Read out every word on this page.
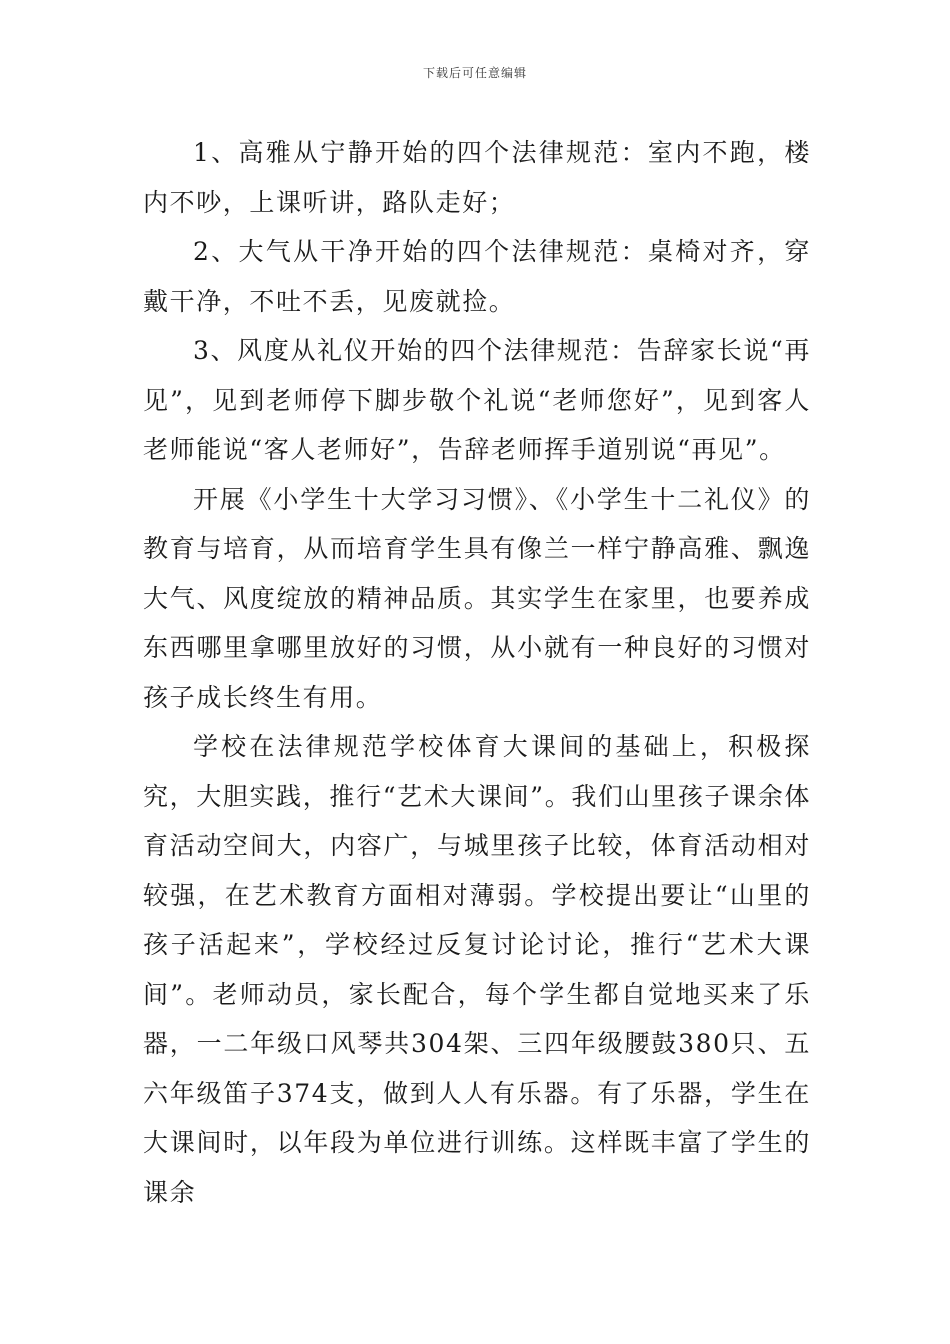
下载后可任意编辑

1、高雅从宁静开始的四个法律规范：室内不跑，楼内不吵，上课听讲，路队走好；

2、大气从干净开始的四个法律规范：桌椅对齐，穿戴干净，不吐不丢，见废就捡。

3、风度从礼仪开始的四个法律规范：告辞家长说“再见”，见到老师停下脚步敬个礼说“老师您好”，见到客人老师能说“客人老师好”，告辞老师挥手道别说“再见”。

开展《小学生十大学习习惯》、《小学生十二礼仪》的教育与培育，从而培育学生具有像兰一样宁静高雅、飘逸大气、风度绽放的精神品质。其实学生在家里，也要养成东西哪里拿哪里放好的习惯，从小就有一种良好的习惯对孩子成长终生有用。

学校在法律规范学校体育大课间的基础上，积极探究，大胆实践，推行“艺术大课间”。我们山里孩子课余体育活动空间大，内容广，与城里孩子比较，体育活动相对较强，在艺术教育方面相对薄弱。学校提出要让“山里的孩子活起来”，学校经过反复讨论讨论，推行“艺术大课间”。老师动员，家长配合，每个学生都自觉地买来了乐器，一二年级口风琴共304架、三四年级腰鼓380只、五六年级笛子374支，做到人人有乐器。有了乐器，学生在大课间时，以年段为单位进行训练。这样既丰富了学生的课余
